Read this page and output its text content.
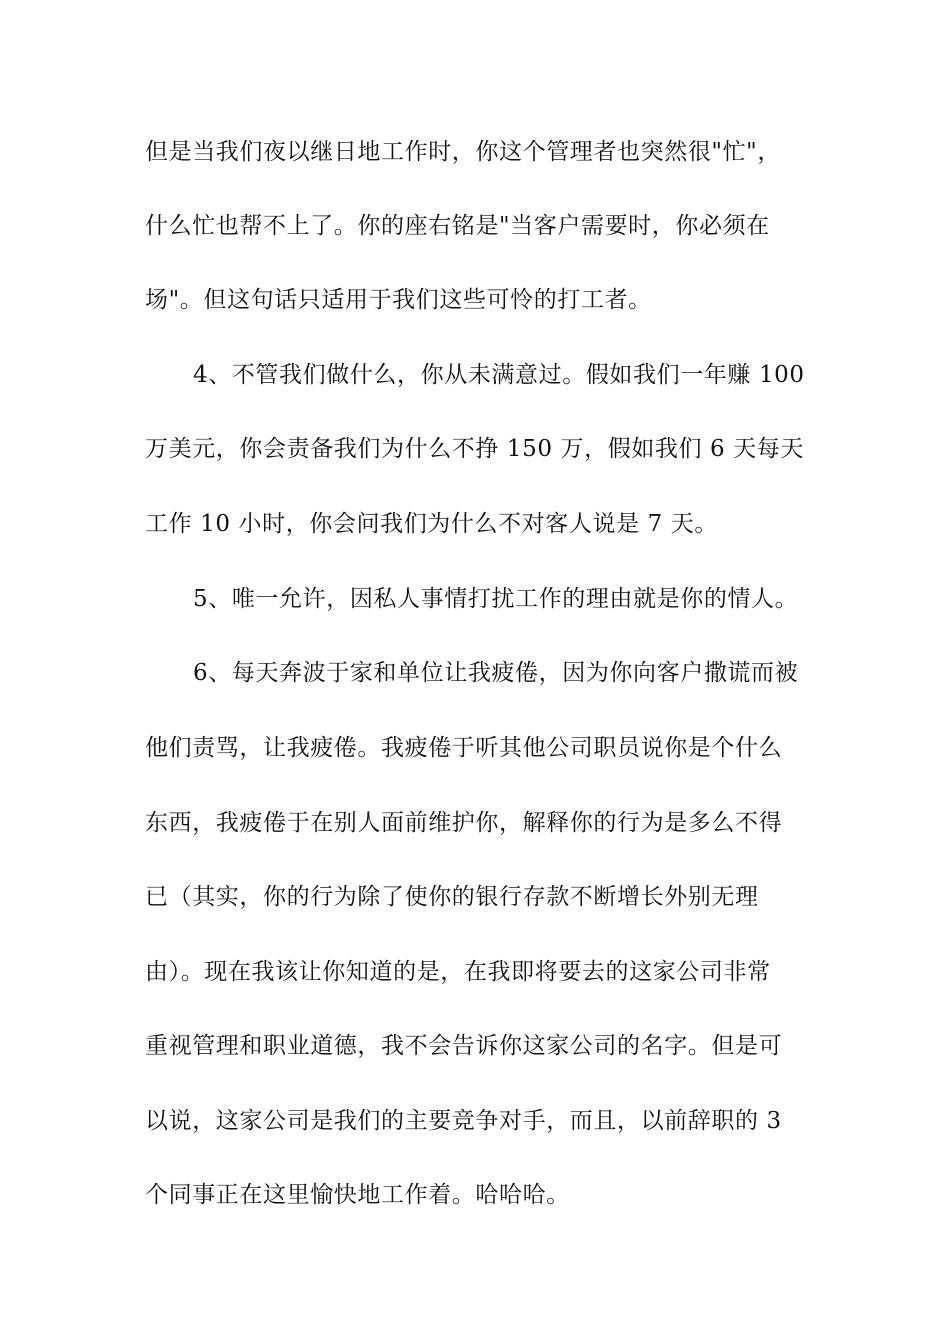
但是当我们夜以继日地工作时，你这个管理者也突然很"忙"，
什么忙也帮不上了。你的座右铭是"当客户需要时，你必须在
场"。但这句话只适用于我们这些可怜的打工者。
4、不管我们做什么，你从未满意过。假如我们一年赚 100
万美元，你会责备我们为什么不挣 150 万，假如我们 6 天每天
工作 10 小时，你会问我们为什么不对客人说是 7 天。
5、唯一允许，因私人事情打扰工作的理由就是你的情人。
6、每天奔波于家和单位让我疲倦，因为你向客户撒谎而被
他们责骂，让我疲倦。我疲倦于听其他公司职员说你是个什么
东西，我疲倦于在别人面前维护你，解释你的行为是多么不得
已（其实，你的行为除了使你的银行存款不断增长外别无理
由）。现在我该让你知道的是，在我即将要去的这家公司非常
重视管理和职业道德，我不会告诉你这家公司的名字。但是可
以说，这家公司是我们的主要竞争对手，而且，以前辞职的 3
个同事正在这里愉快地工作着。哈哈哈。
